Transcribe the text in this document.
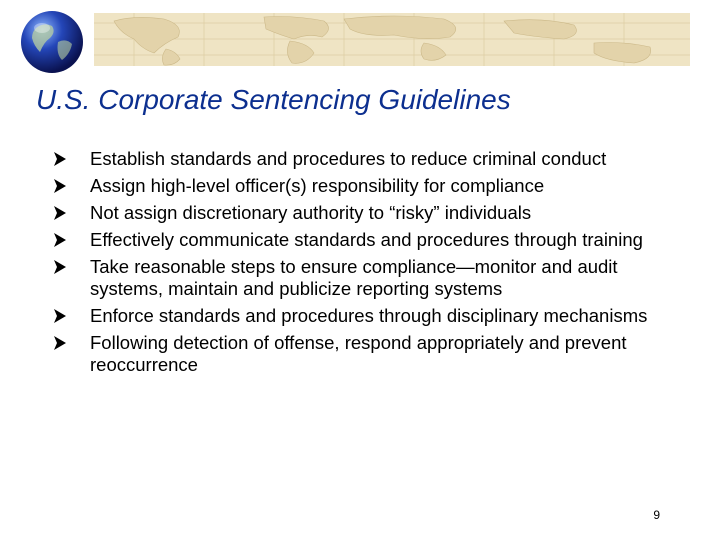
U.S. Corporate Sentencing Guidelines
Establish standards and procedures to reduce criminal conduct
Assign high-level officer(s) responsibility for compliance
Not assign discretionary authority to “risky” individuals
Effectively communicate standards and procedures through training
Take reasonable steps to ensure compliance—monitor and audit systems, maintain and publicize reporting systems
Enforce standards and procedures through disciplinary mechanisms
Following detection of offense, respond appropriately and prevent reoccurrence
9
